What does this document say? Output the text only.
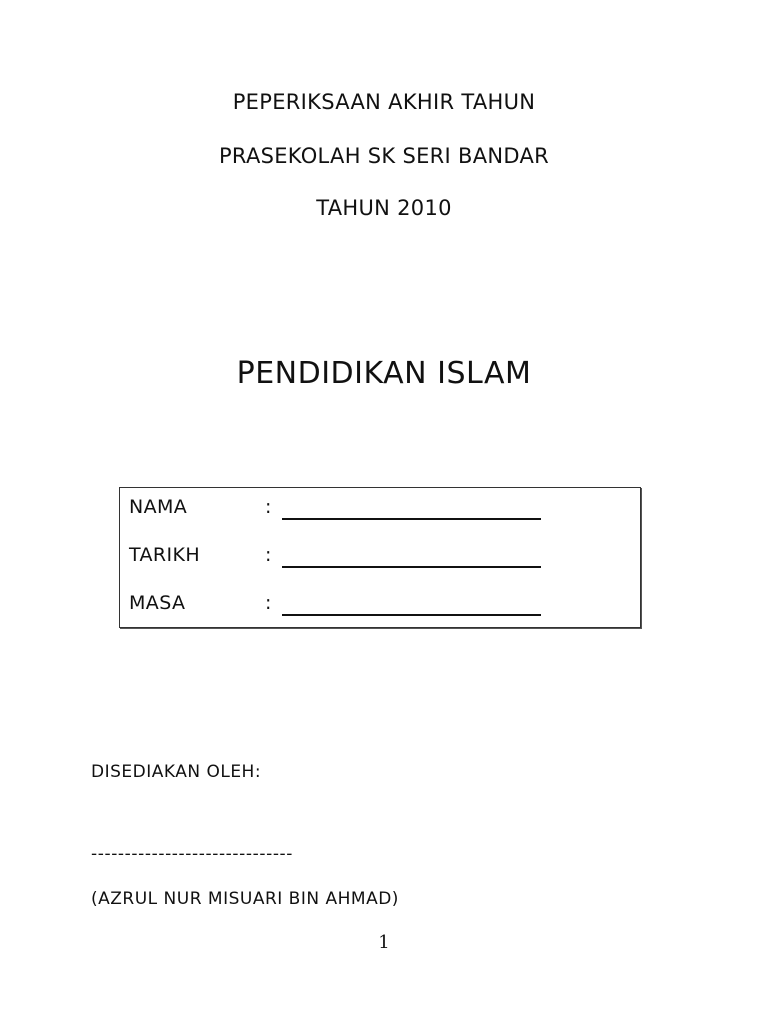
PEPERIKSAAN AKHIR TAHUN
PRASEKOLAH SK SERI BANDAR
TAHUN 2010
PENDIDIKAN ISLAM
NAMA	:
TARIKH	:
MASA	:
DISEDIAKAN OLEH:
------------------------------
(AZRUL NUR MISUARI BIN AHMAD)
1
